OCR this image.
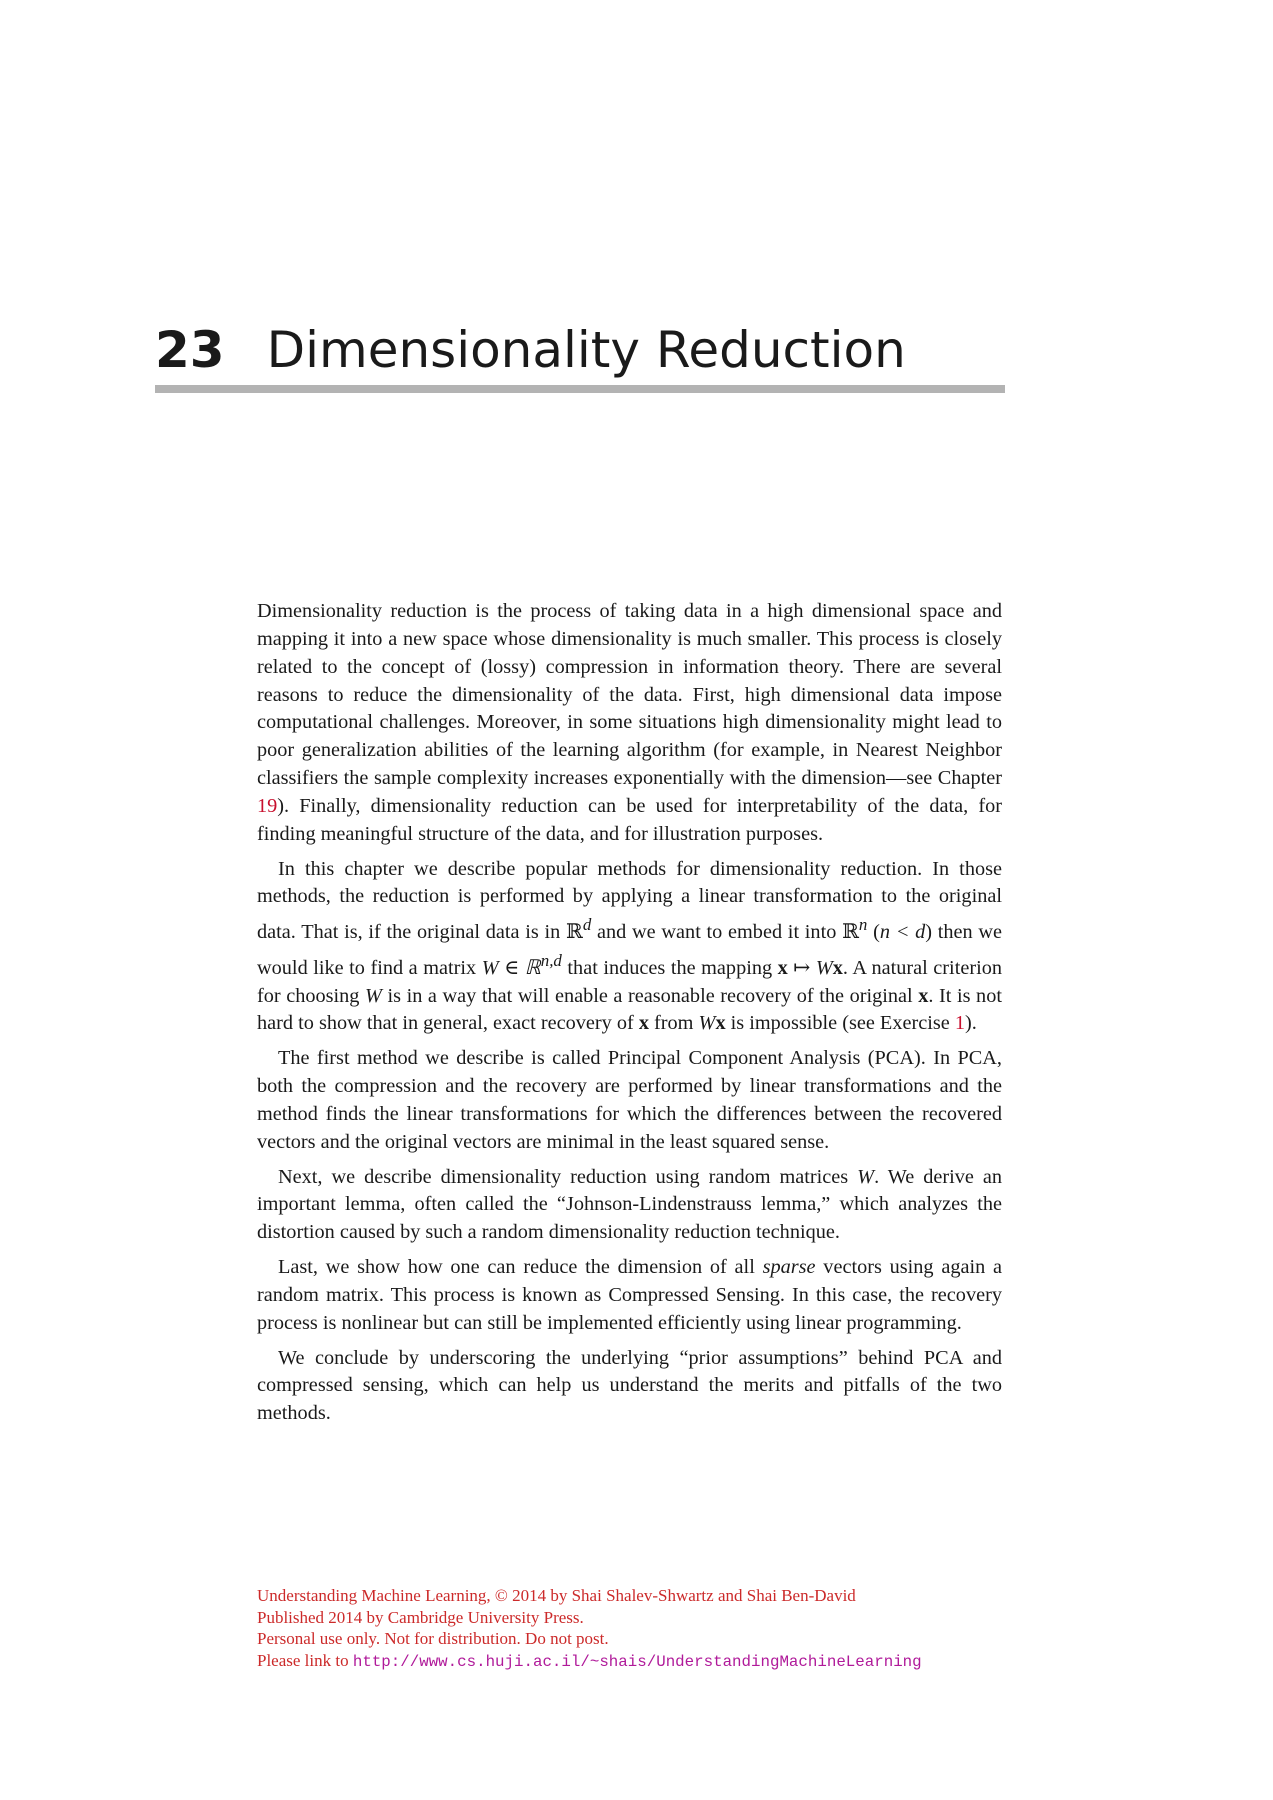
23 Dimensionality Reduction

Dimensionality reduction is the process of taking data in a high dimensional space and mapping it into a new space whose dimensionality is much smaller. This process is closely related to the concept of (lossy) compression in information theory. There are several reasons to reduce the dimensionality of the data. First, high dimensional data impose computational challenges. Moreover, in some situations high dimensionality might lead to poor generalization abilities of the learning algorithm (for example, in Nearest Neighbor classifiers the sample complexity increases exponentially with the dimension—see Chapter 19). Finally, dimensionality reduction can be used for interpretability of the data, for finding meaningful structure of the data, and for illustration purposes.

In this chapter we describe popular methods for dimensionality reduction. In those methods, the reduction is performed by applying a linear transformation to the original data. That is, if the original data is in ℝ$^d$ and we want to embed it into ℝ$^n$ (n < d) then we would like to find a matrix W ∈ ℝ$^{n,d}$ that induces the mapping x ↦ Wx. A natural criterion for choosing W is in a way that will enable a reasonable recovery of the original x. It is not hard to show that in general, exact recovery of x from Wx is impossible (see Exercise 1).

The first method we describe is called Principal Component Analysis (PCA). In PCA, both the compression and the recovery are performed by linear transformations and the method finds the linear transformations for which the differences between the recovered vectors and the original vectors are minimal in the least squared sense.

Next, we describe dimensionality reduction using random matrices W. We derive an important lemma, often called the “Johnson-Lindenstrauss lemma,” which analyzes the distortion caused by such a random dimensionality reduction technique.

Last, we show how one can reduce the dimension of all sparse vectors using again a random matrix. This process is known as Compressed Sensing. In this case, the recovery process is nonlinear but can still be implemented efficiently using linear programming.

We conclude by underscoring the underlying “prior assumptions” behind PCA and compressed sensing, which can help us understand the merits and pitfalls of the two methods.

Understanding Machine Learning, © 2014 by Shai Shalev-Shwartz and Shai Ben-David
Published 2014 by Cambridge University Press.
Personal use only. Not for distribution. Do not post.
Please link to http://www.cs.huji.ac.il/~shais/UnderstandingMachineLearning
